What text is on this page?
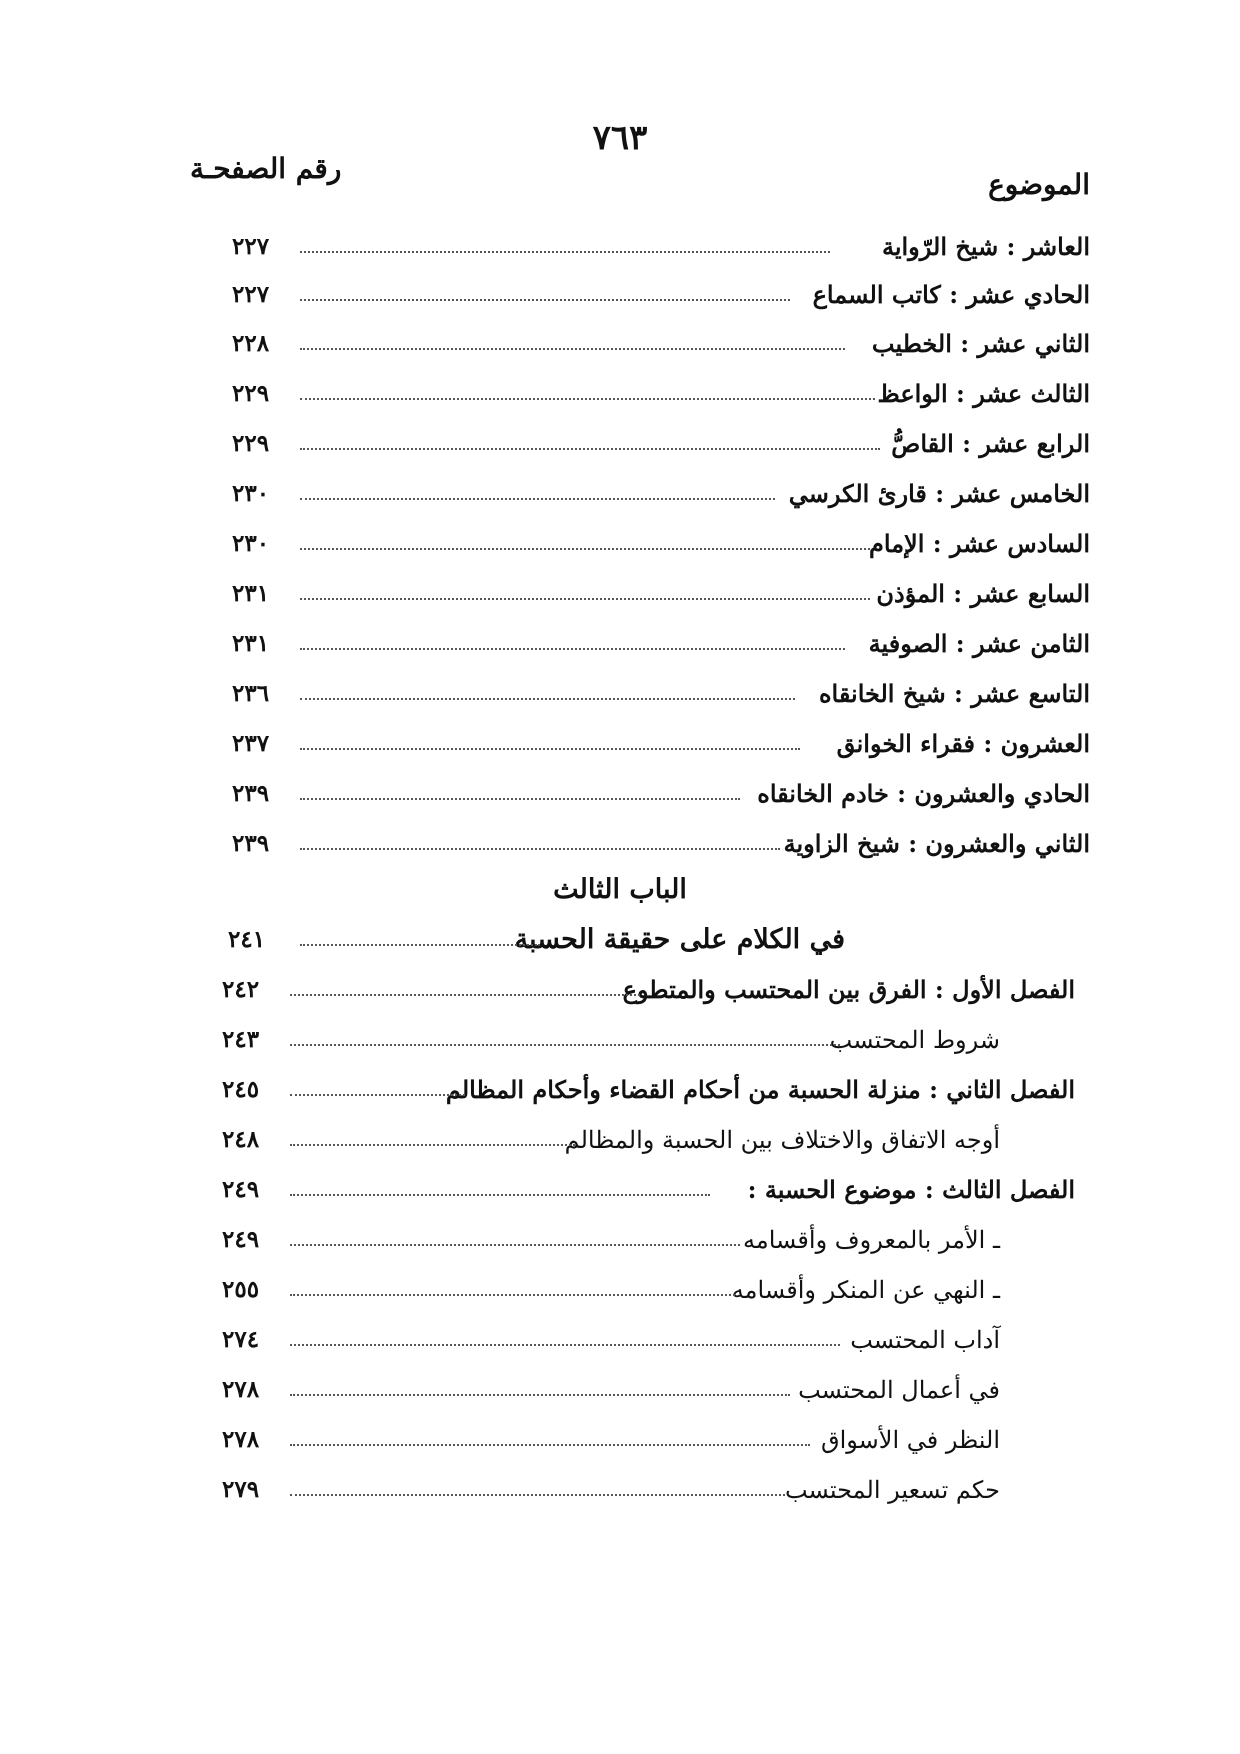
٧٦٣
الموضوع
رقم الصفحـة
العاشر : شيخ الرّواية
٢٢٧
الحادي عشر : كاتب السماع
٢٢٧
الثاني عشر : الخطيب
٢٢٨
الثالث عشر : الواعظ
٢٢٩
الرابع عشر : القاصُّ
٢٢٩
الخامس عشر : قارئ الكرسي
٢٣٠
السادس عشر : الإمام
٢٣٠
السابع عشر : المؤذن
٢٣١
الثامن عشر : الصوفية
٢٣١
التاسع عشر : شيخ الخانقاه
٢٣٦
العشرون : فقراء الخوانق
٢٣٧
الحادي والعشرون : خادم الخانقاه
٢٣٩
الثاني والعشرون : شيخ الزاوية
٢٣٩
الباب الثالث
في الكلام على حقيقة الحسبة
٢٤١
الفصل الأول : الفرق بين المحتسب والمتطوع
٢٤٢
شروط المحتسب
٢٤٣
الفصل الثاني : منزلة الحسبة من أحكام القضاء وأحكام المظالم
٢٤٥
أوجه الاتفاق والاختلاف بين الحسبة والمظالم
٢٤٨
الفصل الثالث : موضوع الحسبة :
٢٤٩
ـ الأمر بالمعروف وأقسامه
٢٤٩
ـ النهي عن المنكر وأقسامه
٢٥٥
آداب المحتسب
٢٧٤
في أعمال المحتسب
٢٧٨
النظر في الأسواق
٢٧٨
حكم تسعير المحتسب
٢٧٩
